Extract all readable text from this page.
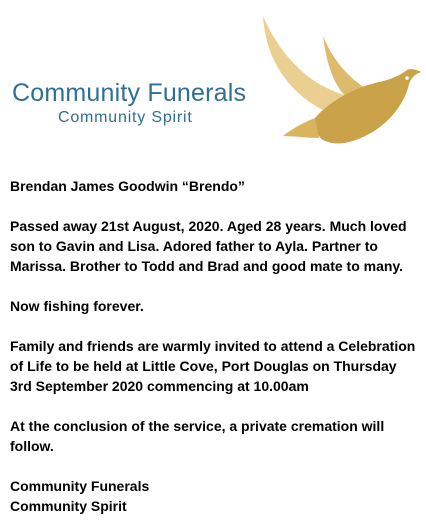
Community Funerals
Community Spirit

Brendan James Goodwin “Brendo”

Passed away 21st August, 2020. Aged 28 years. Much loved son to Gavin and Lisa. Adored father to Ayla. Partner to Marissa. Brother to Todd and Brad and good mate to many.

Now fishing forever.

Family and friends are warmly invited to attend a Celebration of Life to be held at Little Cove, Port Douglas on Thursday 3rd September 2020 commencing at 10.00am

At the conclusion of the service, a private cremation will follow.

Community Funerals

Community Spirit
